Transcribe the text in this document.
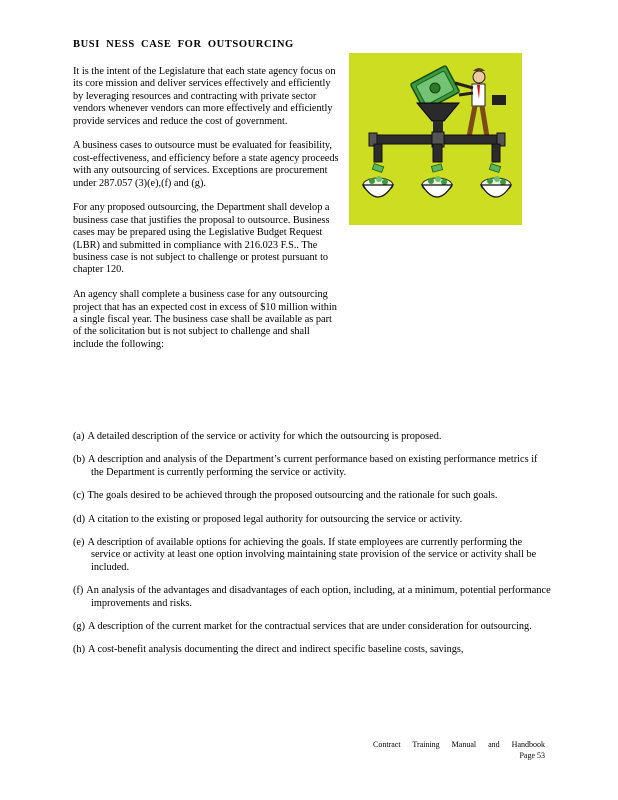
BUSI NESS CASE FOR OUTSOURCING

It is the intent of the Legislature that each state agency focus on its core mission and deliver services effectively and efficiently by leveraging resources and contracting with private sector vendors whenever vendors can more effectively and efficiently provide services and reduce the cost of government.

A business cases to outsource must be evaluated for feasibility, cost-effectiveness, and efficiency before a state agency proceeds with any outsourcing of services. Exceptions are procurement under 287.057 (3)(e),(f) and (g).

For any proposed outsourcing, the Department shall develop a business case that justifies the proposal to outsource. Business cases may be prepared using the Legislative Budget Request (LBR) and submitted in compliance with 216.023 F.S.. The business case is not subject to challenge or protest pursuant to chapter 120.

An agency shall complete a business case for any outsourcing project that has an expected cost in excess of $10 million within a single fiscal year. The business case shall be available as part of the solicitation but is not subject to challenge and shall include the following:

(a) A detailed description of the service or activity for which the outsourcing is proposed.
(b) A description and analysis of the Department’s current performance based on existing performance metrics if the Department is currently performing the service or activity.
(c) The goals desired to be achieved through the proposed outsourcing and the rationale for such goals.
(d) A citation to the existing or proposed legal authority for outsourcing the service or activity.
(e) A description of available options for achieving the goals. If state employees are currently performing the service or activity at least one option involving maintaining state provision of the service or activity shall be included.
(f) An analysis of the advantages and disadvantages of each option, including, at a minimum, potential performance improvements and risks.
(g) A description of the current market for the contractual services that are under consideration for outsourcing.
(h) A cost-benefit analysis documenting the direct and indirect specific baseline costs, savings,
Contract Training Manual and Handbook
Page 53
